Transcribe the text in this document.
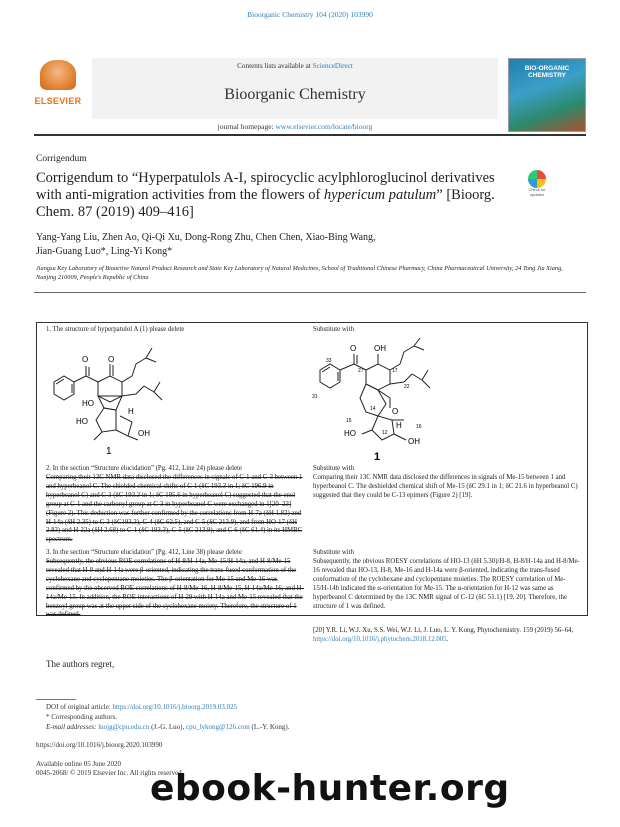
Bioorganic Chemistry 104 (2020) 103990
ELSEVIER
Contents lists available at ScienceDirect
Bioorganic Chemistry
journal homepage: www.elsevier.com/locate/bioorg
BIO-ORGANIC CHEMISTRY
Corrigendum
Corrigendum to “Hyperpatulols A-I, spirocyclic acylphloroglucinol derivatives with anti-migration activities from the flowers of hypericum patulum” [Bioorg. Chem. 87 (2019) 409–416]
Check for updates
Yang-Yang Liu, Zhen Ao, Qi-Qi Xu, Dong-Rong Zhu, Chen Chen, Xiao-Bing Wang,
Jian-Guang Luo*, Ling-Yi Kong*
Jiangsu Key Laboratory of Bioactive Natural Product Research and State Key Laboratory of Natural Medicines, School of Traditional Chinese Pharmacy, China Pharmaceutical University, 24 Tong Jia Xiang, Nanjing 210009, People's Republic of China
1. The structure of hyperpatulol A (1) please delete	Substitute with
O O
HO
H
HO
OH
1
OH
O
O
H
HO
OH
33
31
27	17
22
14
15
12
16
1
2. In the section “Structure elucidation” (Pg. 412, Line 24) please delete
Comparing their 13C NMR data disclosed the differences in signals of C-1 and C-3 between 1 and hyperbeanol C. The shielded chemical shifts of C-1 (δC 193.3 in 1; δC 196.9 in hyperbeanol C) and C-3 (δC 193.3 in 1; δC 195.6 in hyperbeanol C) suggested that the enol group at C-1 and the carbonyl group at C-3 in hyperbeanol C were exchanged in 1[20–23] (Figure 2). This deduction was further confirmed by the correlations from H-7a (δH 1.82) and H-14a (δH 2.35) to C-3 (δC193.3), C-4 (δC 62.5), and C-5 (δC 213.9), and from HO-17 (δH 2.83) and H-22a (δH 2.68) to C-1 (δC 193.3), C-5 (δC 213.9), and C-6 (δC 61.4) in its HMBC spectrum.
Substitute with
Comparing their 13C NMR data disclosed the differences in signals of Me-15 between 1 and hyperbeanol C. The deshielded chemical shift of Me-15 (δC 29.1 in 1; δC 21.6 in hyperbeanol C) suggested that they could be C-13 epimers (Figure 2) [19].
3. In the section “Structure elucidation” (Pg. 412, Line 38) please delete
Subsequently, the obvious ROE correlations of H-8/H-14a, Me-15/H-14a, and H-8/Me-15 revealed that H-8 and H-14a were β-oriented, indicating the trans-fused conformation of the cyclohexane and cyclopentane moieties. The β-orientation for Me-15 and Me-16 was confirmed by the observed ROE correlations of H-8/Me-16, H-8/Me-15, H-14a/Me-16, and H-14a/Me-15. In addition, the ROE interactions of H-29 with H-14a and Me-15 revealed that the benzoyl group was at the upper side of the cyclohexane moiety. Therefore, the structure of 1 was defined.
Substitute with
Subsequently, the obvious ROESY correlations of HO-13 (δH 5.30)/H-8, H-8/H-14a and H-8/Me-16 revealed that HO-13, H-8, Me-16 and H-14a were β-oriented, indicating the trans-fused conformation of the cyclohexane and cyclopentane moieties. The ROESY correlation of Me-15/H-14b indicated the α-orientation for Me-15. The α-orientation for H-12 was same as hyperbeanol C determined by the 13C NMR signal of C-12 (δC 51.1) [19, 20]. Therefore, the structure of 1 was defined.
[20] Y.R. Li, W.J. Xu, S.S. Wei, W.J. Li, J. Luo, L. Y. Kong, Phytochemistry. 159 (2019) 56–64, https://doi.org/10.1016/j.phytochem.2018.12.005.
The authors regret,
DOI of original article: https://doi.org/10.1016/j.bioorg.2019.03.025
* Corresponding authors.
E-mail addresses: luojg@cpu.edu.cn (J.-G. Luo), cpu_lykong@126.com (L.-Y. Kong).
https://doi.org/10.1016/j.bioorg.2020.103990
Available online 05 June 2020
0045-2068/ © 2019 Elsevier Inc. All rights reserved.
ebook-hunter.org
